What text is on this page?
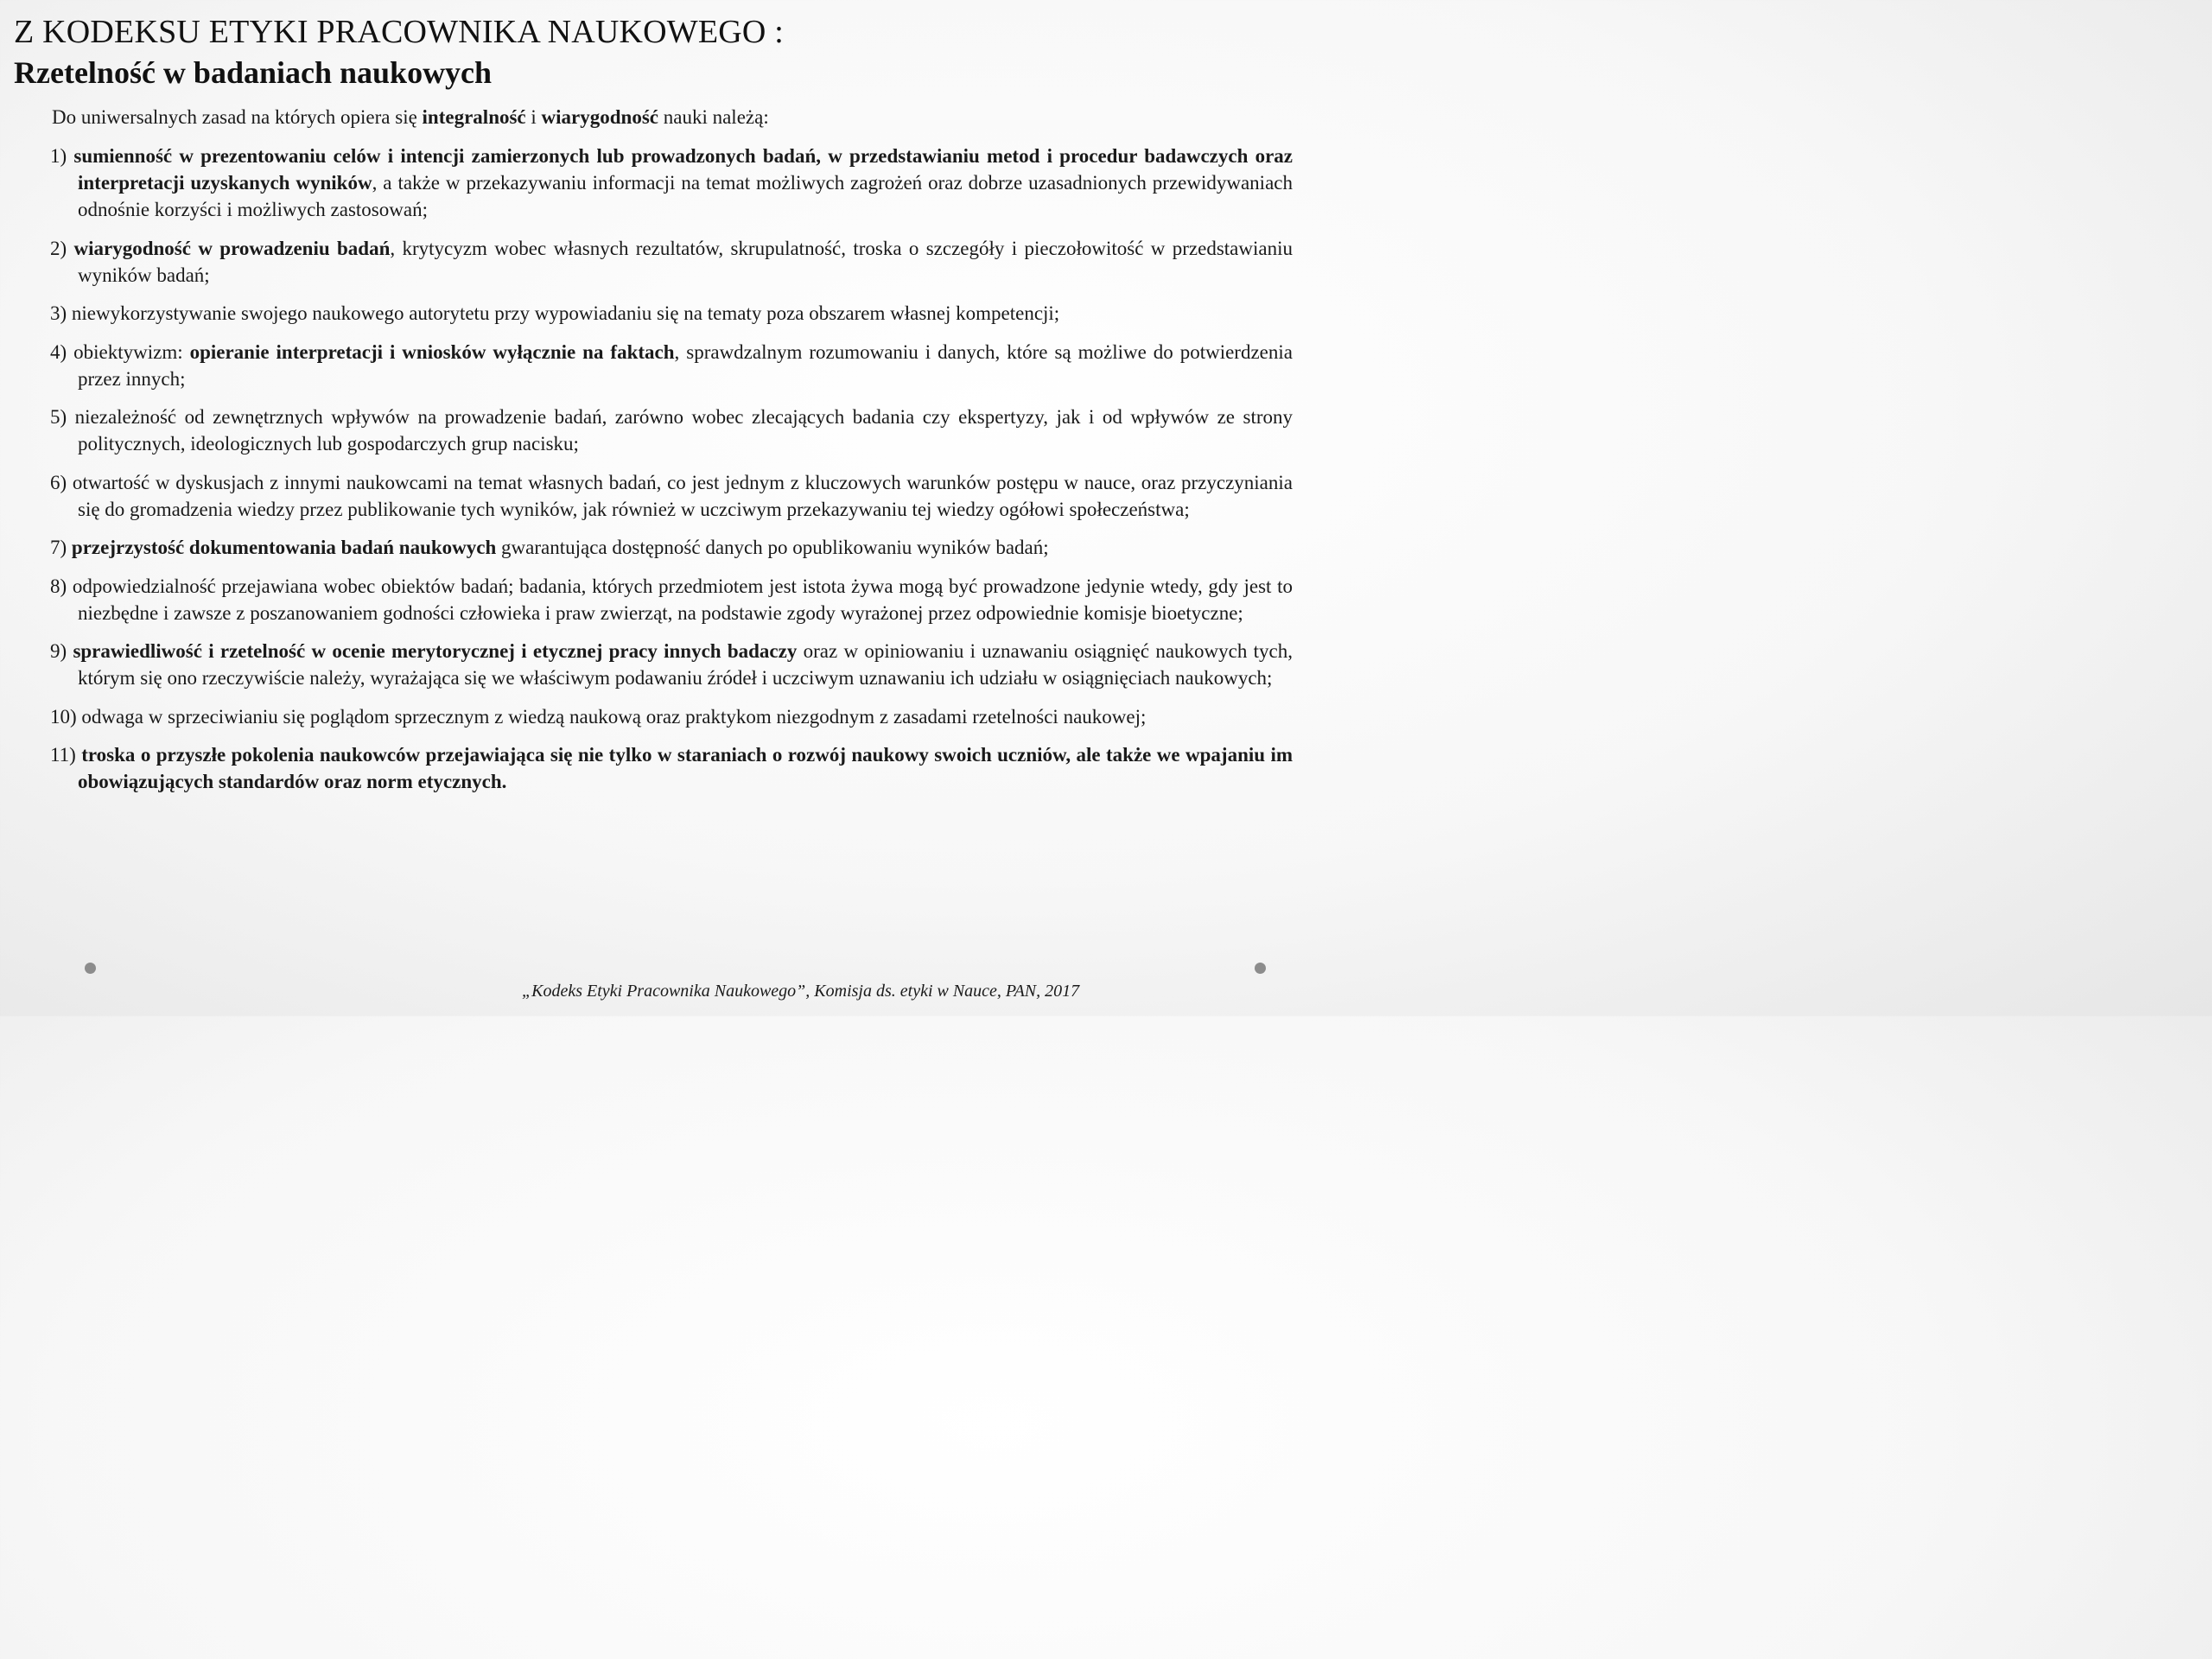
Z KODEKSU ETYKI PRACOWNIKA NAUKOWEGO :
Rzetelność w badaniach naukowych
Do uniwersalnych zasad na których opiera się integralność i wiarygodność nauki należą:
1) sumienność w prezentowaniu celów i intencji zamierzonych lub prowadzonych badań, w przedstawianiu metod i procedur badawczych oraz interpretacji uzyskanych wyników, a także w przekazywaniu informacji na temat możliwych zagrożeń oraz dobrze uzasadnionych przewidywaniach odnośnie korzyści i możliwych zastosowań;
2) wiarygodność w prowadzeniu badań, krytycyzm wobec własnych rezultatów, skrupulatność, troska o szczegóły i pieczołowitość w przedstawianiu wyników badań;
3) niewykorzystywanie swojego naukowego autorytetu przy wypowiadaniu się na tematy poza obszarem własnej kompetencji;
4) obiektywizm: opieranie interpretacji i wniosków wyłącznie na faktach, sprawdzalnym rozumowaniu i danych, które są możliwe do potwierdzenia przez innych;
5) niezależność od zewnętrznych wpływów na prowadzenie badań, zarówno wobec zlecających badania czy ekspertyzy, jak i od wpływów ze strony politycznych, ideologicznych lub gospodarczych grup nacisku;
6) otwartość w dyskusjach z innymi naukowcami na temat własnych badań, co jest jednym z kluczowych warunków postępu w nauce, oraz przyczyniania się do gromadzenia wiedzy przez publikowanie tych wyników, jak również w uczciwym przekazywaniu tej wiedzy ogółowi społeczeństwa;
7) przejrzystość dokumentowania badań naukowych gwarantująca dostępność danych po opublikowaniu wyników badań;
8) odpowiedzialność przejawiana wobec obiektów badań; badania, których przedmiotem jest istota żywa mogą być prowadzone jedynie wtedy, gdy jest to niezbędne i zawsze z poszanowaniem godności człowieka i praw zwierząt, na podstawie zgody wyrażonej przez odpowiednie komisje bioetyczne;
9) sprawiedliwość i rzetelność w ocenie merytorycznej i etycznej pracy innych badaczy oraz w opiniowaniu i uznawaniu osiągnięć naukowych tych, którym się ono rzeczywiście należy, wyrażająca się we właściwym podawaniu źródeł i uczciwym uznawaniu ich udziału w osiągnięciach naukowych;
10) odwaga w sprzeciwianiu się poglądom sprzecznym z wiedzą naukową oraz praktykom niezgodnym z zasadami rzetelności naukowej;
11) troska o przyszłe pokolenia naukowców przejawiająca się nie tylko w staraniach o rozwój naukowy swoich uczniów, ale także we wpajaniu im obowiązujących standardów oraz norm etycznych.
„Kodeks Etyki Pracownika Naukowego”, Komisja ds. etyki w Nauce, PAN, 2017
